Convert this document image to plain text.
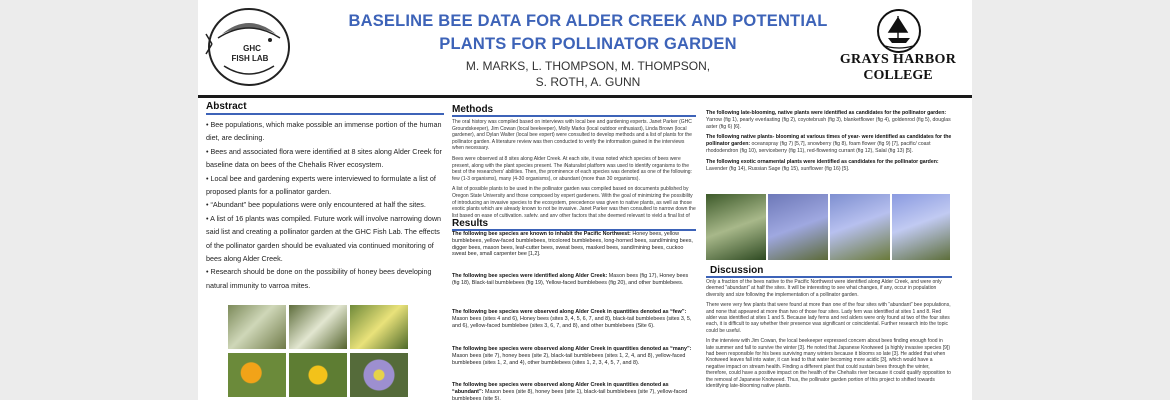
GHC
FISH LAB
BASELINE BEE DATA FOR ALDER CREEK AND POTENTIAL
PLANTS FOR POLLINATOR GARDEN
M. MARKS, L. THOMPSON, M. THOMPSON,
S. ROTH, A. GUNN
GRAYS HARBOR
COLLEGE
Abstract
• Bee populations, which make possible an immense portion of the human diet, are declining.
• Bees and associated flora were identified at 8 sites along Alder Creek for baseline data on bees of the Chehalis River ecosystem.
• Local bee and gardening experts were interviewed to formulate a list of proposed plants for a pollinator garden.
• “Abundant” bee populations were only encountered at half the sites.
• A list of 16 plants was compiled. Future work will involve narrowing down said list and creating a pollinator garden at the GHC Fish Lab. The effects of the pollinator garden should be evaluated via continued monitoring of bees along Alder Creek.
• Research should be done on the possibility of honey bees developing natural immunity to varroa mites.
Methods

The oral history was compiled based on interviews with local bee and gardening experts. Janet Parker (GHC Groundskeeper), Jim Cowan (local beekeeper), Molly Marks (local outdoor enthusiast), Linda Brown (local gardener), and Dylan Walter (local bee expert) were consulted to develop methods and a list of plants for the pollinator garden. A literature review was then conducted to verify the information gained in the interviews when necessary.

Bees were observed at 8 sites along Alder Creek. At each site, it was noted which species of bees were present, along with the plant species present. The iNaturalist platform was used to identify organisms to the best of the researchers' abilities. Then, the prominence of each species was denoted as one of the following: few (1-3 organisms), many (4-30 organisms), or abundant (more than 30 organisms).

A list of possible plants to be used in the pollinator garden was compiled based on documents published by Oregon State University and those composed by expert gardeners. With the goal of minimizing the possibility of introducing an invasive species to the ecosystem, precedence was given to native plants, as well as those exotic plants which are already known to not be invasive. Janet Parker was then consulted to narrow down the list based on ease of cultivation, safety, and any other factors that she deemed relevant to yield a final list of

Results
The following bee species are known to inhabit the Pacific Northwest: Honey bees, yellow bumblebees, yellow-faced bumblebees, tricolored bumblebees, long-horned bees, sand/mining bees, digger bees, mason bees, leaf-cutter bees, sweat bees, masked bees, sand/mining bees, cuckoo sweat bee, small carpenter bee [1,2].
The following bee species were identified along Alder Creek: Mason bees (fig 17), Honey bees (fig 18), Black-tail bumblebees (fig 19), Yellow-faced bumblebees (fig 20), and other bumblebees.
The following bee species were observed along Alder Creek in quantities denoted as “few”: Mason bees (sites 4 and 6), Honey bees (sites 3, 4, 5, 6, 7, and 8), black-tail bumblebees (sites 3, 5, and 6), yellow-faced bumblebee (sites 3, 6, 7, and 8), and other bumblebees (Site 6).
The following bee species were observed along Alder Creek in quantities denoted as “many”: Mason bees (site 7), honey bees (site 2), black-tail bumblebees (sites 1, 2, 4, and 8), yellow-faced bumblebees (sites 1, 2, and 4), other bumblebees (sites 1, 2, 3, 4, 5, 7, and 8).
The following bee species were observed along Alder Creek in quantities denoted as “abundant”: Mason bees (site 8), honey bees (site 1), black-tail bumblebees (site 7), yellow-faced bumblebees (site 5).

The following late-blooming, native plants were identified as candidates for the pollinator garden: Yarrow (fig 1), pearly everlasting (fig 2), coyotebrush (fig 3), blanketflower (fig 4), goldenrod (fig 5), douglas aster (fig 6) [6].

The following native plants- blooming at various times of year- were identified as candidates for the pollinator garden: oceanspray (fig 7) [5,7], snowberry (fig 8), foam flower (fig 9) [7], pacific/ coast rhododendron (fig 10), serviceberry (fig 11), red-flowering currant (fig 12), Salal (fig 13) [5].

The following exotic ornamental plants were identified as candidates for the pollinator garden: Lavender (fig 14), Russian Sage (fig 15), sunflower (fig 16) [5].

Discussion

Only a fraction of the bees native to the Pacific Northwest were identified along Alder Creek, and were only deemed “abundant” at half the sites. It will be interesting to see what changes, if any, occur in population diversity and size following the implementation of a pollinator garden.

There were very few plants that were found at more than one of the four sites with “abundant” bee populations, and none that appeared at more than two of those four sites. Lady fern was identified at sites 1 and 8. Red alder was identified at sites 1 and 5. Because lady ferns and red alders were only found at two of the four sites each, it is difficult to say whether their presence was significant or coincidental. Further research into the topic could be useful.

In the interview with Jim Cowan, the local beekeeper expressed concern about bees finding enough food in late summer and fall to survive the winter [3]. He noted that Japanese Knotweed (a highly invasive species [9]) had been responsible for his bees surviving many winters because it blooms so late [3]. He added that when Knotweed leaves fall into water, it can lead to that water becoming more acidic [3], which would have a negative impact on stream health. Finding a different plant that could sustain bees through the winter, therefore, could have a positive impact on the health of the Chehalis river because it could qualify opposition to the removal of Japanese Knotweed. Thus, the pollinator garden portion of this project to shifted towards identifying late-blooming native plants.
